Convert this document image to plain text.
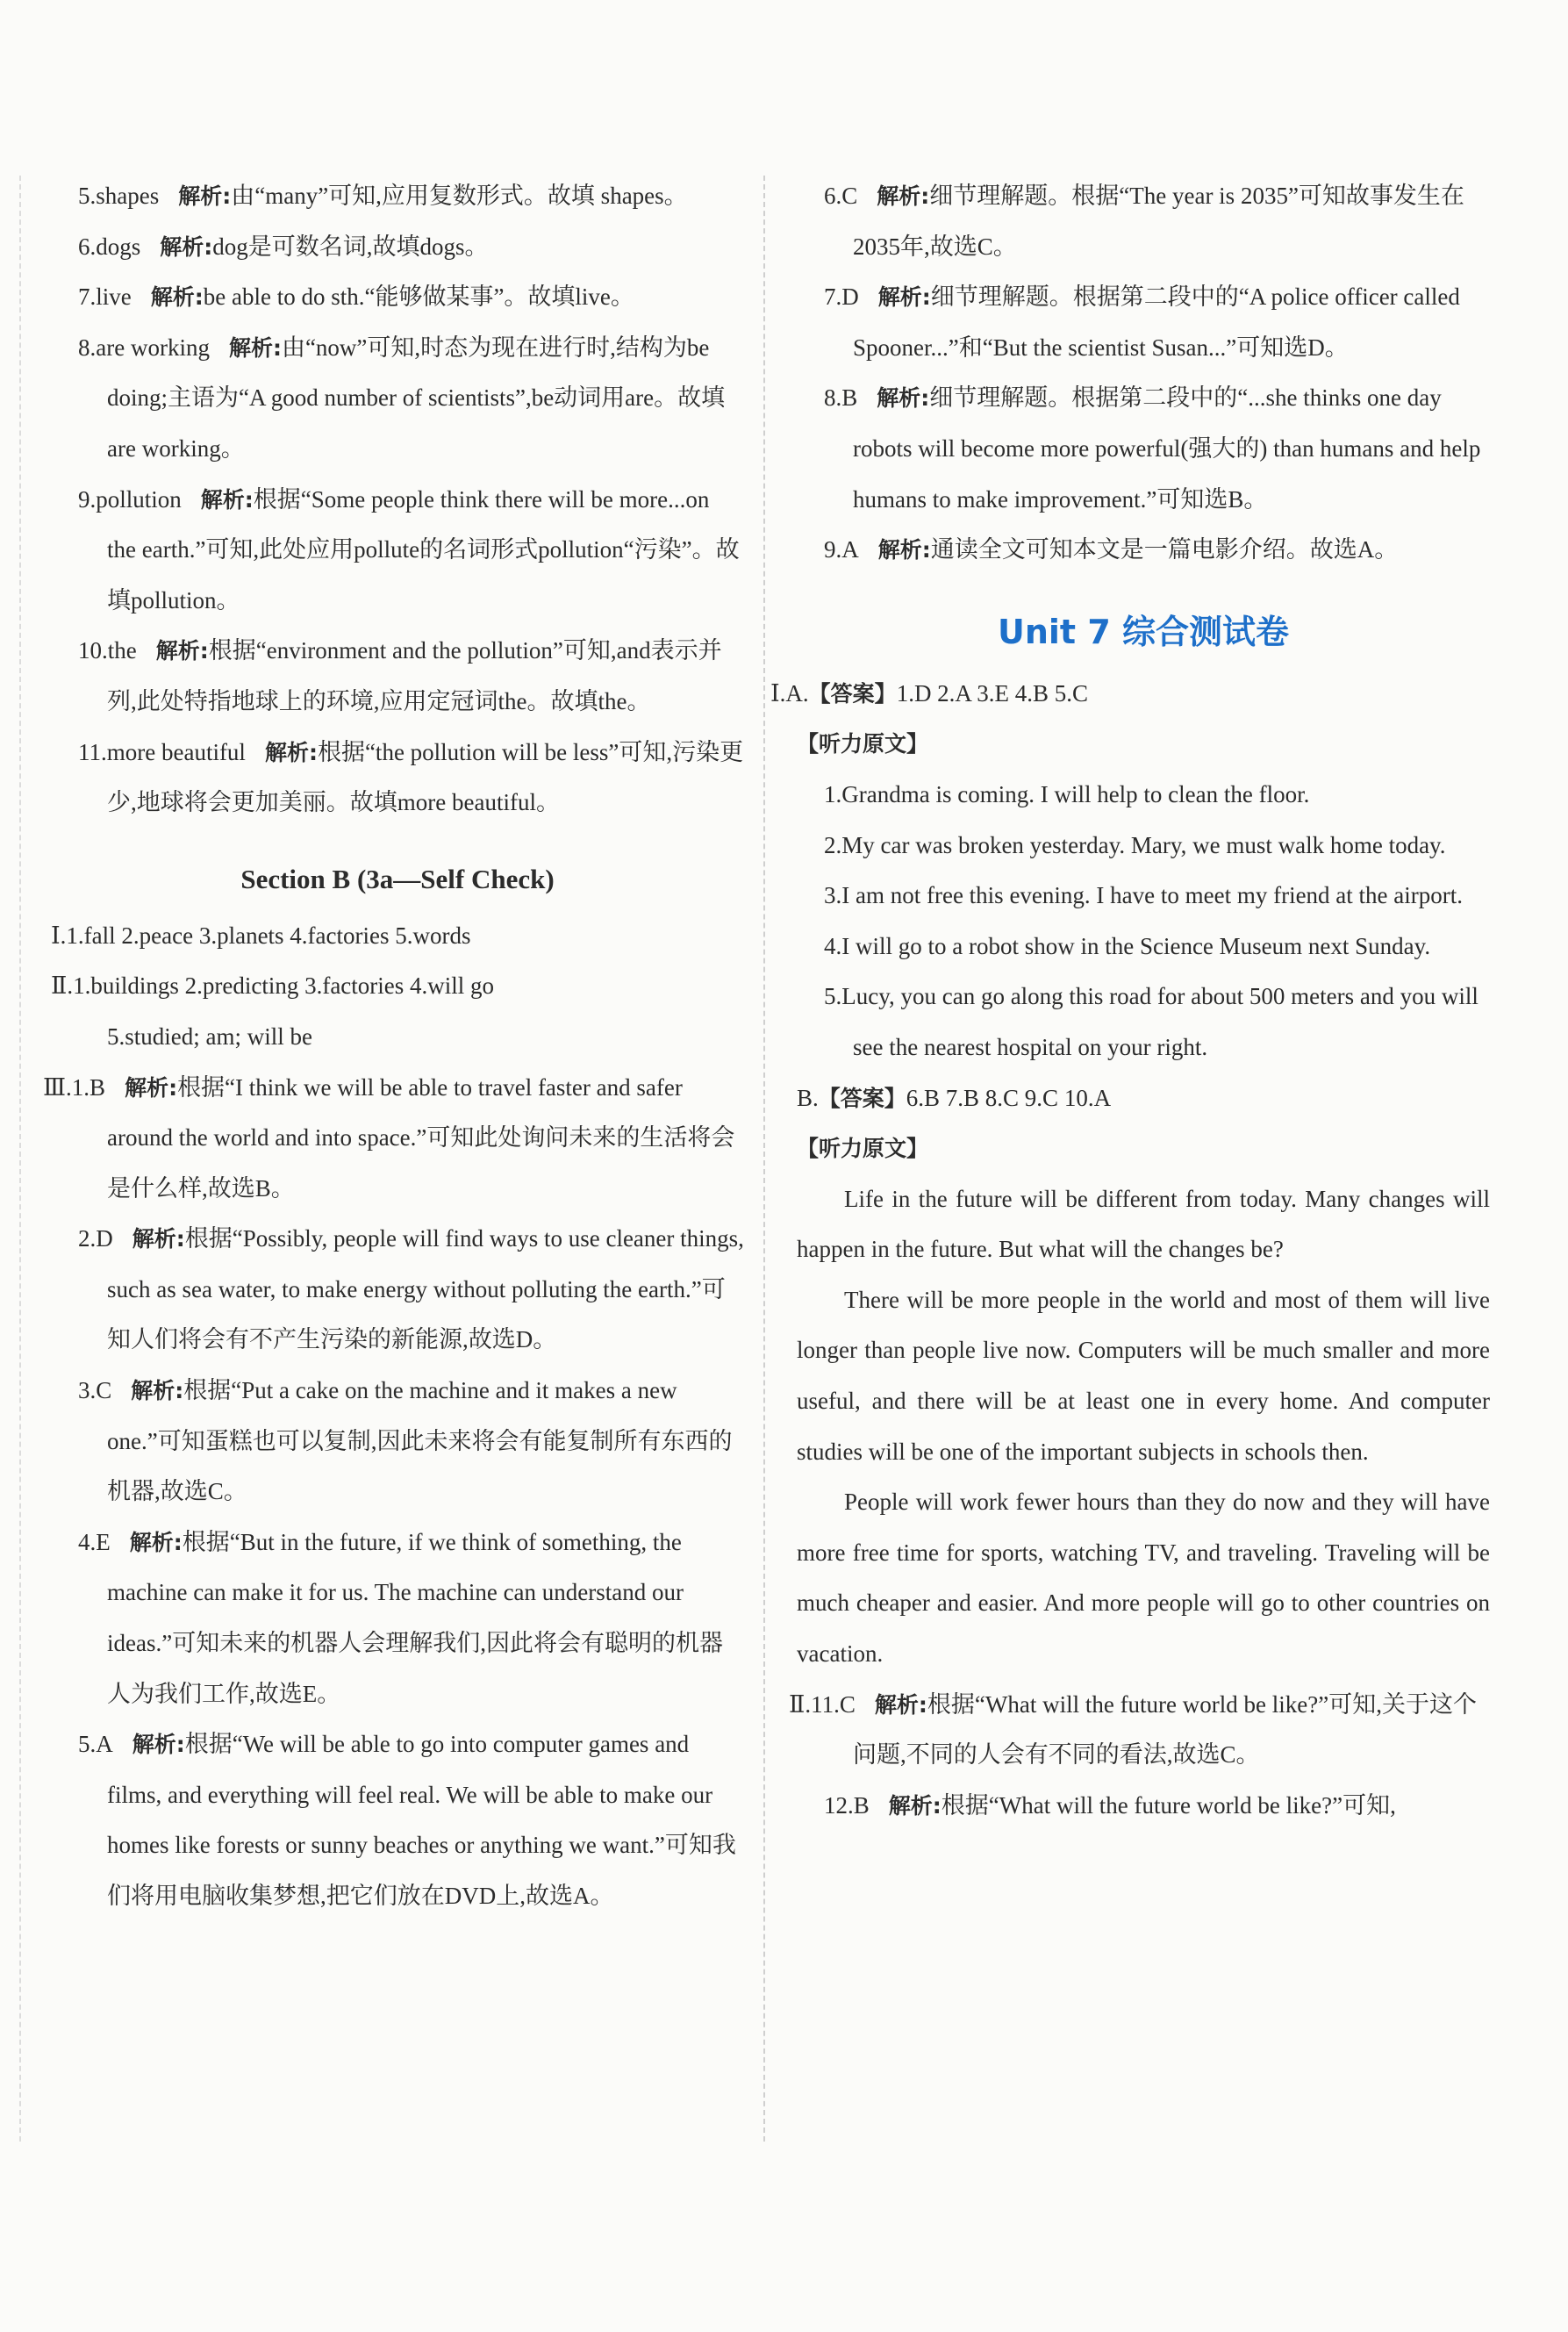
5.shapes 解析:由“many”可知,应用复数形式。故填 shapes。

6.dogs 解析:dog是可数名词,故填dogs。

7.live 解析:be able to do sth.“能够做某事”。故填live。

8.are working 解析:由“now”可知,时态为现在进行时,结构为be doing;主语为“A good number of scientists”,be动词用are。故填are working。

9.pollution 解析:根据“Some people think there will be more...on the earth.”可知,此处应用pollute的名词形式pollution“污染”。故填pollution。

10.the 解析:根据“environment and the pollution”可知,and表示并列,此处特指地球上的环境,应用定冠词the。故填the。

11.more beautiful 解析:根据“the pollution will be less”可知,污染更少,地球将会更加美丽。故填more beautiful。

Section B (3a—Self Check)

Ⅰ.1.fall 2.peace 3.planets 4.factories 5.words

Ⅱ.1.buildings 2.predicting 3.factories 4.will go

5.studied; am; will be

Ⅲ.1.B 解析:根据“I think we will be able to travel faster and safer around the world and into space.”可知此处询问未来的生活将会是什么样,故选B。

2.D 解析:根据“Possibly, people will find ways to use cleaner things, such as sea water, to make energy without polluting the earth.”可知人们将会有不产生污染的新能源,故选D。

3.C 解析:根据“Put a cake on the machine and it makes a new one.”可知蛋糕也可以复制,因此未来将会有能复制所有东西的机器,故选C。

4.E 解析:根据“But in the future, if we think of something, the machine can make it for us. The machine can understand our ideas.”可知未来的机器人会理解我们,因此将会有聪明的机器人为我们工作,故选E。

5.A 解析:根据“We will be able to go into computer games and films, and everything will feel real. We will be able to make our homes like forests or sunny beaches or anything we want.”可知我们将用电脑收集梦想,把它们放在DVD上,故选A。

6.C 解析:细节理解题。根据“The year is 2035”可知故事发生在2035年,故选C。

7.D 解析:细节理解题。根据第二段中的“A police officer called Spooner...”和“But the scientist Susan...”可知选D。

8.B 解析:细节理解题。根据第二段中的“...she thinks one day robots will become more powerful(强大的) than humans and help humans to make improvement.”可知选B。

9.A 解析:通读全文可知本文是一篇电影介绍。故选A。

Unit 7 综合测试卷

Ⅰ.A.【答案】1.D 2.A 3.E 4.B 5.C

【听力原文】

1.Grandma is coming. I will help to clean the floor.

2.My car was broken yesterday. Mary, we must walk home today.

3.I am not free this evening. I have to meet my friend at the airport.

4.I will go to a robot show in the Science Museum next Sunday.

5.Lucy, you can go along this road for about 500 meters and you will see the nearest hospital on your right.

B.【答案】6.B 7.B 8.C 9.C 10.A

【听力原文】

Life in the future will be different from today. Many changes will happen in the future. But what will the changes be?

There will be more people in the world and most of them will live longer than people live now. Computers will be much smaller and more useful, and there will be at least one in every home. And computer studies will be one of the important subjects in schools then.

People will work fewer hours than they do now and they will have more free time for sports, watching TV, and traveling. Traveling will be much cheaper and easier. And more people will go to other countries on vacation.

Ⅱ.11.C 解析:根据“What will the future world be like?”可知,关于这个问题,不同的人会有不同的看法,故选C。

12.B 解析:根据“What will the future world be like?”可知,
